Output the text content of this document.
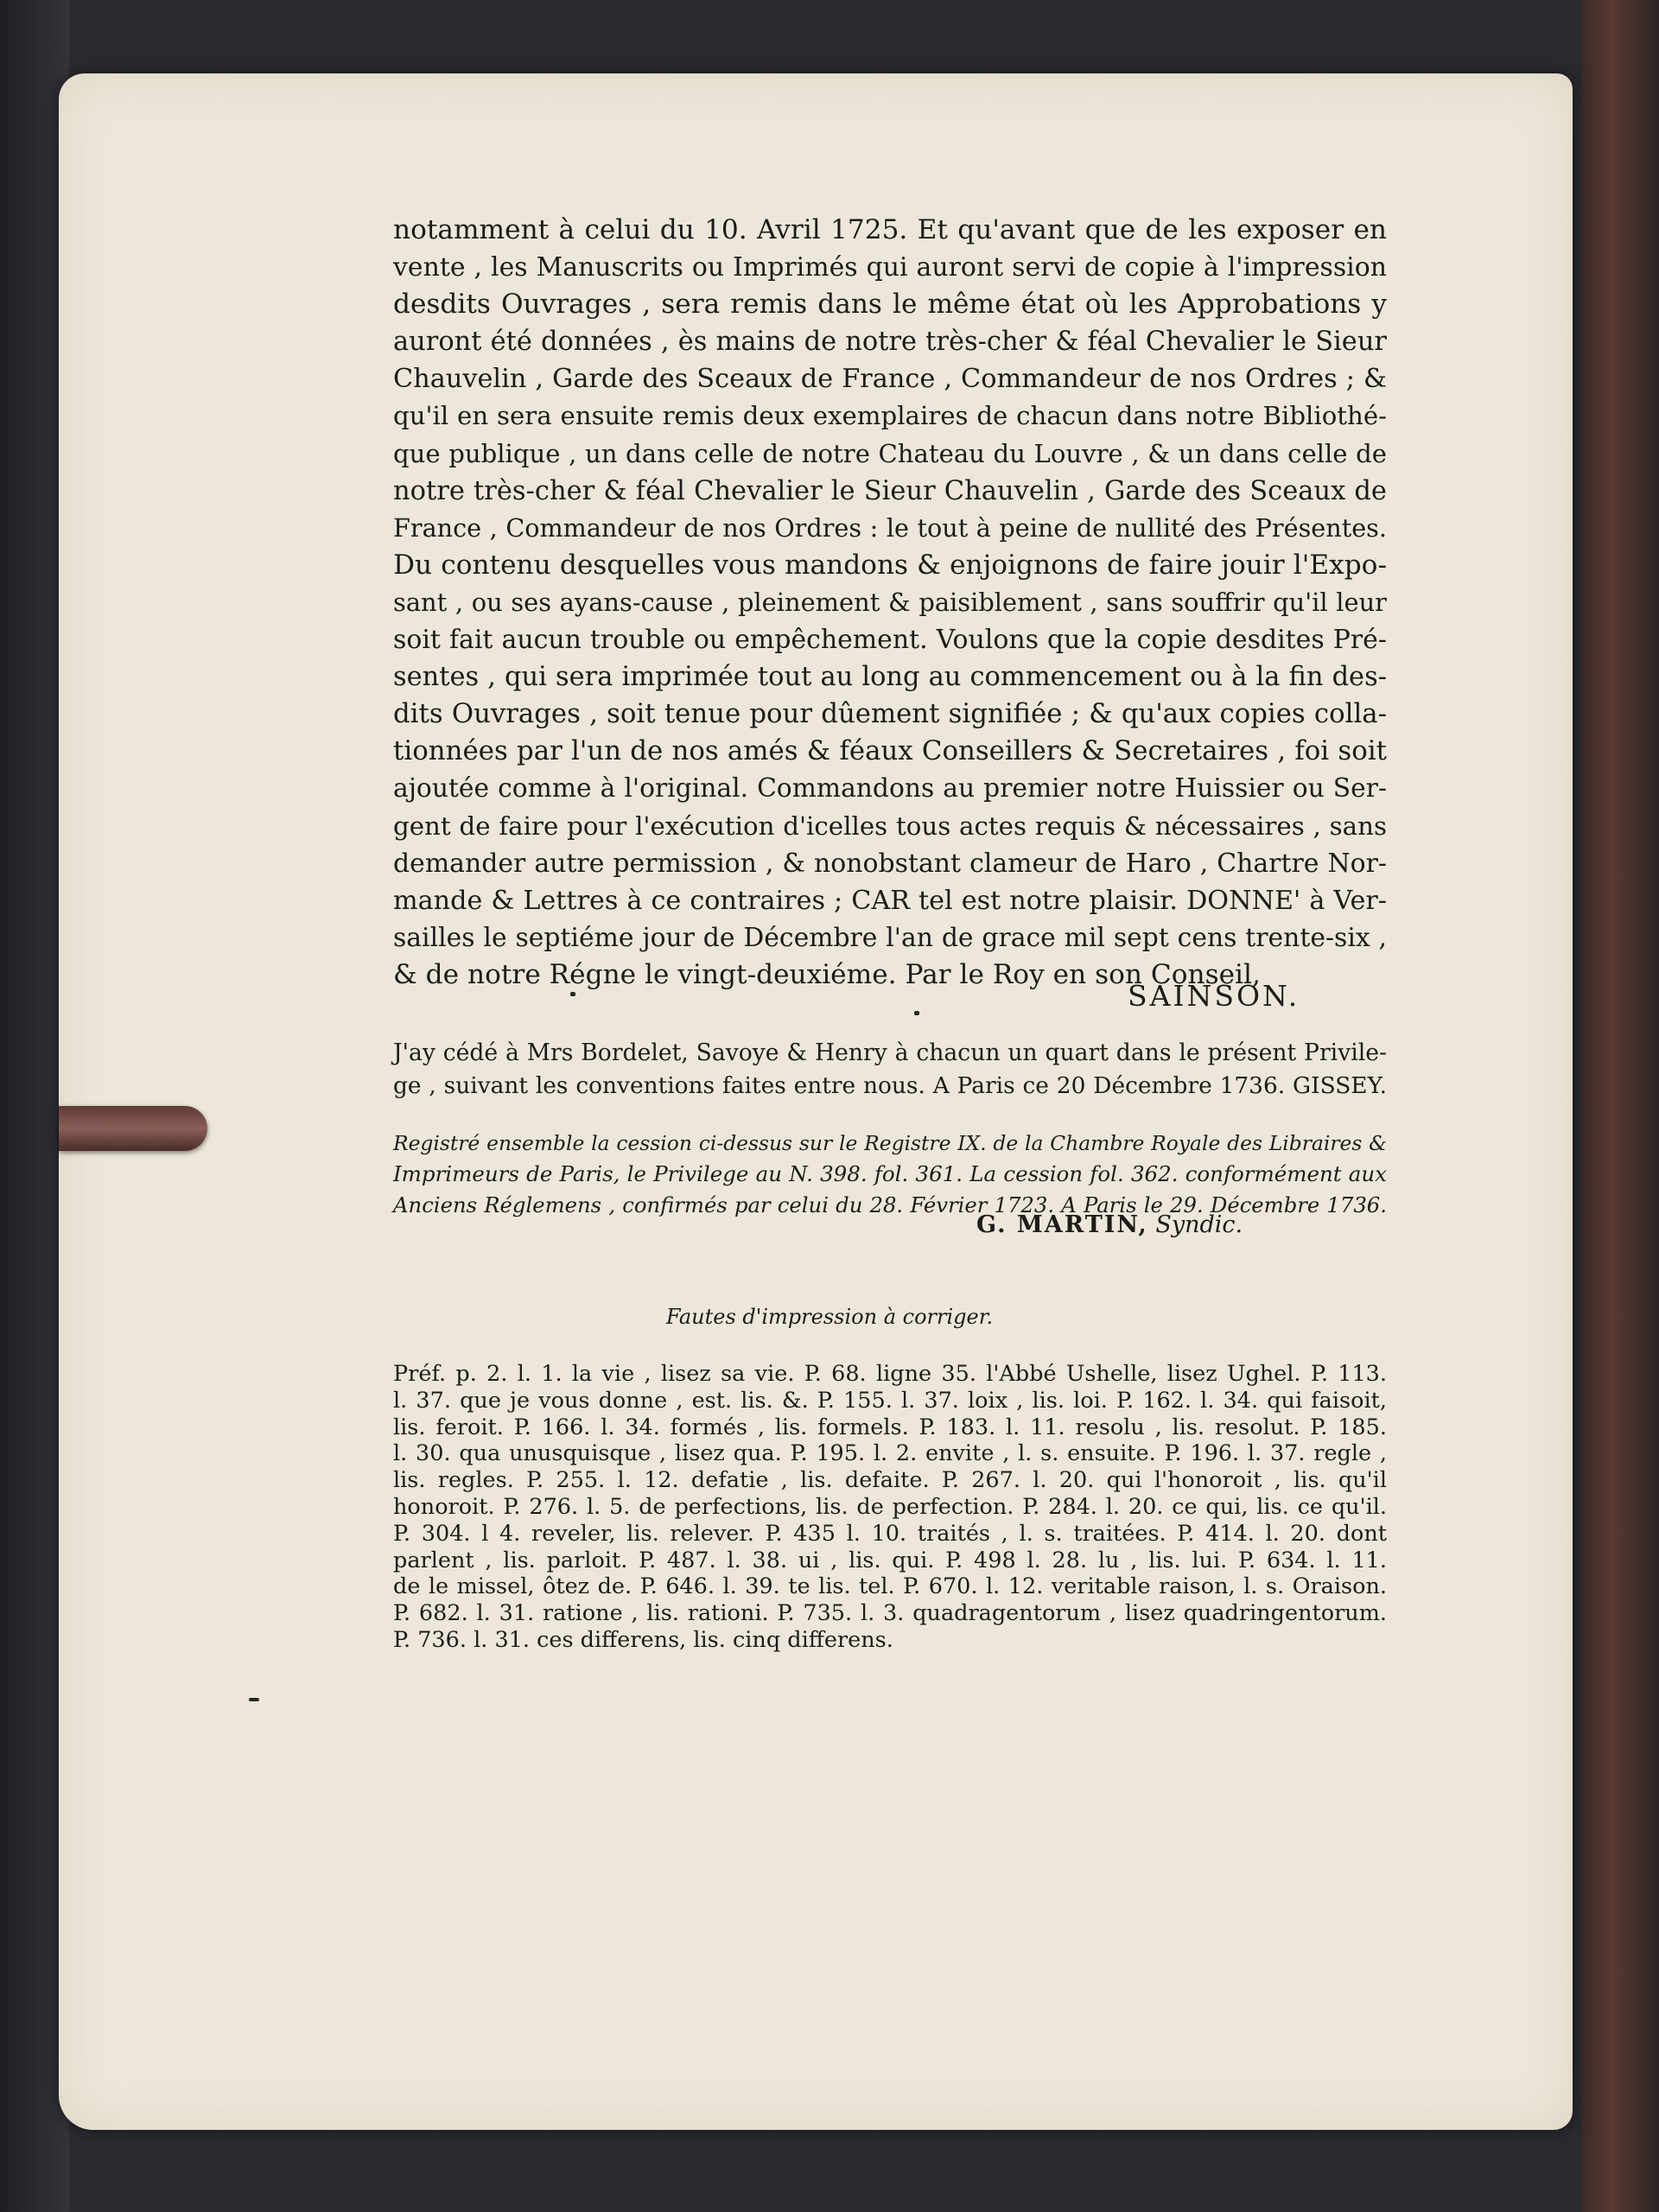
notamment à celui du 10. Avril 1725. Et qu'avant que de les exposer en
vente , les Manuscrits ou Imprimés qui auront servi de copie à l'impression
desdits Ouvrages , sera remis dans le même état où les Approbations y
auront été données , ès mains de notre très-cher & féal Chevalier le Sieur
Chauvelin , Garde des Sceaux de France , Commandeur de nos Ordres ; &
qu'il en sera ensuite remis deux exemplaires de chacun dans notre Bibliothé-
que publique , un dans celle de notre Chateau du Louvre , & un dans celle de
notre très-cher & féal Chevalier le Sieur Chauvelin , Garde des Sceaux de
France , Commandeur de nos Ordres : le tout à peine de nullité des Présentes.
Du contenu desquelles vous mandons & enjoignons de faire jouir l'Expo-
sant , ou ses ayans-cause , pleinement & paisiblement , sans souffrir qu'il leur
soit fait aucun trouble ou empêchement. Voulons que la copie desdites Pré-
sentes , qui sera imprimée tout au long au commencement ou à la fin des-
dits Ouvrages , soit tenue pour dûement signifiée ; & qu'aux copies colla-
tionnées par l'un de nos amés & féaux Conseillers & Secretaires , foi soit
ajoutée comme à l'original. Commandons au premier notre Huissier ou Ser-
gent de faire pour l'exécution d'icelles tous actes requis & nécessaires , sans
demander autre permission , & nonobstant clameur de Haro , Chartre Nor-
mande & Lettres à ce contraires ; CAR tel est notre plaisir. DONNE' à Ver-
sailles le septiéme jour de Décembre l'an de grace mil sept cens trente-six ,
& de notre Régne le vingt-deuxiéme. Par le Roy en son Conseil,
SAINSON.
J'ay cédé à Mrs Bordelet, Savoye & Henry à chacun un quart dans le présent Privile-
ge , suivant les conventions faites entre nous. A Paris ce 20 Décembre 1736. GISSEY.
Registré ensemble la cession ci-dessus sur le Registre IX. de la Chambre Royale des Libraires &
Imprimeurs de Paris, le Privilege au N. 398. fol. 361. La cession fol. 362. conformément aux
Anciens Réglemens , confirmés par celui du 28. Février 1723. A Paris le 29. Décembre 1736.
G. MARTIN, Syndic.
Fautes d'impression à corriger.
Préf. p. 2. l. 1. la vie , lisez sa vie. P. 68. ligne 35. l'Abbé Ushelle, lisez Ughel. P. 113.
l. 37. que je vous donne , est. lis. &. P. 155. l. 37. loix , lis. loi. P. 162. l. 34. qui faisoit,
lis. feroit. P. 166. l. 34. formés , lis. formels. P. 183. l. 11. resolu , lis. resolut. P. 185.
l. 30. qua unusquisque , lisez qua. P. 195. l. 2. envite , l. s. ensuite. P. 196. l. 37. regle ,
lis. regles. P. 255. l. 12. defatie , lis. defaite. P. 267. l. 20. qui l'honoroit , lis. qu'il
honoroit. P. 276. l. 5. de perfections, lis. de perfection. P. 284. l. 20. ce qui, lis. ce qu'il.
P. 304. l 4. reveler, lis. relever. P. 435 l. 10. traités , l. s. traitées. P. 414. l. 20. dont
parlent , lis. parloit. P. 487. l. 38. ui , lis. qui. P. 498 l. 28. lu , lis. lui. P. 634. l. 11.
de le missel, ôtez de. P. 646. l. 39. te lis. tel. P. 670. l. 12. veritable raison, l. s. Oraison.
P. 682. l. 31. ratione , lis. rationi. P. 735. l. 3. quadragentorum , lisez quadringentorum.
P. 736. l. 31. ces differens, lis. cinq differens.
